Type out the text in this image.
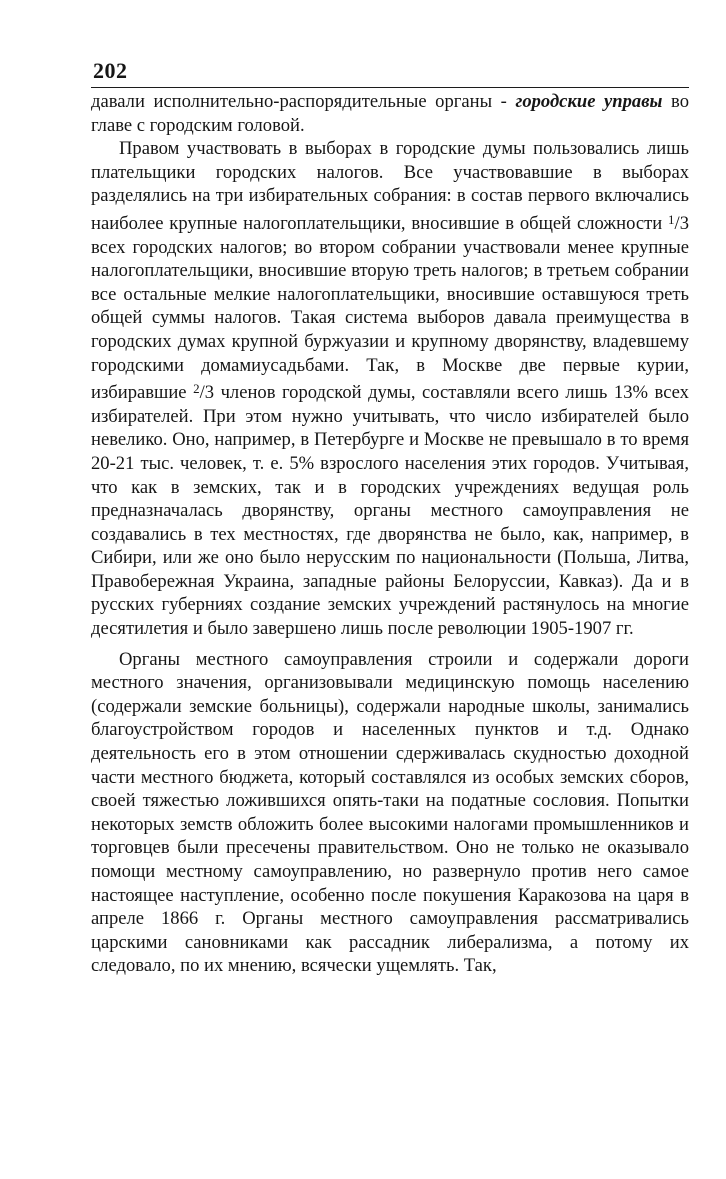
202

давали исполнительно-распорядительные органы - городские управы во главе с городским головой.

Правом участвовать в выборах в городские думы пользовались лишь плательщики городских налогов. Все участвовавшие в выборах разделялись на три избирательных собрания: в состав первого включались наиболее крупные налогоплательщики, вносившие в общей сложности $^1$/3 всех городских налогов; во втором собрании участвовали менее крупные налогоплательщики, вносившие вторую треть налогов; в третьем собрании все остальные мелкие налогоплательщики, вносившие оставшуюся треть общей суммы налогов. Такая система выборов давала преимущества в городских думах крупной буржуазии и крупному дворянству, владевшему городскими домамиусадьбами. Так, в Москве две первые курии, избиравшие $^2$/3 членов городской думы, составляли всего лишь 13% всех избирателей. При этом нужно учитывать, что число избирателей было невелико. Оно, например, в Петербурге и Москве не превышало в то время 20-21 тыс. человек, т. е. 5% взрослого населения этих городов. Учитывая, что как в земских, так и в городских учреждениях ведущая роль предназначалась дворянству, органы местного самоуправления не создавались в тех местностях, где дворянства не было, как, например, в Сибири, или же оно было нерусским по национальности (Польша, Литва, Правобережная Украина, западные районы Белоруссии, Кавказ). Да и в русских губерниях создание земских учреждений растянулось на многие десятилетия и было завершено лишь после революции 1905-1907 гг.

Органы местного самоуправления строили и содержали дороги местного значения, организовывали медицинскую помощь населению (содержали земские больницы), содержали народные школы, занимались благоустройством городов и населенных пунктов и т.д. Однако деятельность его в этом отношении сдерживалась скудностью доходной части местного бюджета, который составлялся из особых земских сборов, своей тяжестью ложившихся опять-таки на податные сословия. Попытки некоторых земств обложить более высокими налогами промышленников и торговцев были пресечены правительством. Оно не только не оказывало помощи местному самоуправлению, но развернуло против него самое настоящее наступление, особенно после покушения Каракозова на царя в апреле 1866 г. Органы местного самоуправления рассматривались царскими сановниками как рассадник либерализма, а потому их следовало, по их мнению, всячески ущемлять. Так,
